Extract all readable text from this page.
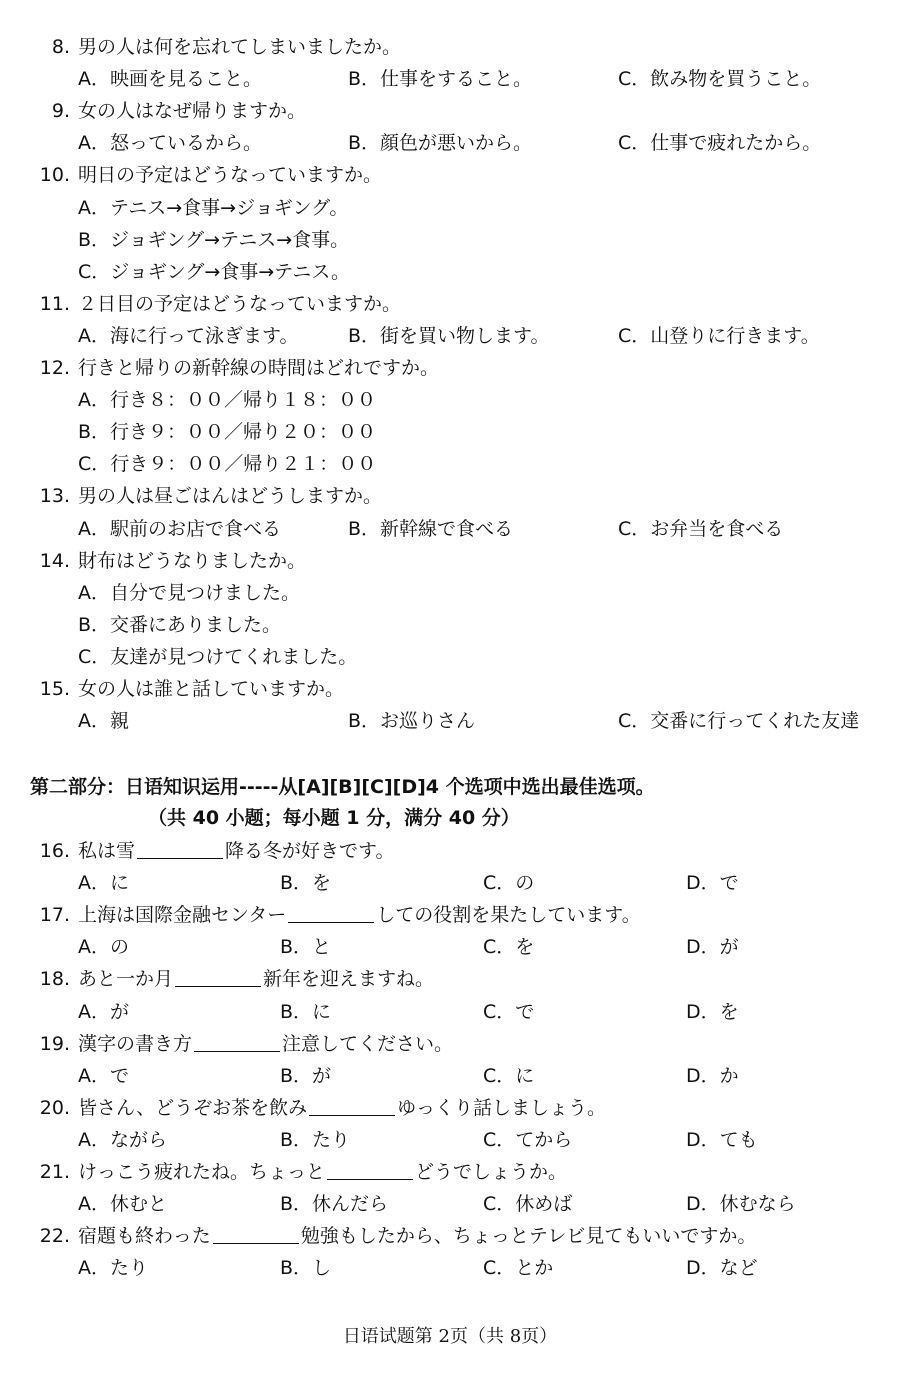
8. 男の人は何を忘れてしまいましたか。
A．映画を見ること。	B．仕事をすること。	C．飲み物を買うこと。
9. 女の人はなぜ帰りますか。
A．怒っているから。	B．顔色が悪いから。	C．仕事で疲れたから。
10. 明日の予定はどうなっていますか。
A．テニス→食事→ジョギング。
B．ジョギング→テニス→食事。
C．ジョギング→食事→テニス。
11. ２日目の予定はどうなっていますか。
A．海に行って泳ぎます。	B．街を買い物します。	C．山登りに行きます。
12. 行きと帰りの新幹線の時間はどれですか。
A．行き８：００／帰り１８：００
B．行き９：００／帰り２０：００
C．行き９：００／帰り２１：００
13. 男の人は昼ごはんはどうしますか。
A．駅前のお店で食べる	B．新幹線で食べる	C．お弁当を食べる
14. 財布はどうなりましたか。
A．自分で見つけました。
B．交番にありました。
C．友達が見つけてくれました。
15. 女の人は誰と話していますか。
A．親	B．お巡りさん	C．交番に行ってくれた友達
16. 私は雪	降る冬が好きです。
A．に	B．を	C．の	D．で
17. 上海は国際金融センター	しての役割を果たしています。
A．の	B．と	C．を	D．が
18. あと一か月	新年を迎えますね。
A．が	B．に	C．で	D．を
19. 漢字の書き方	注意してください。
A．で	B．が	C．に	D．か
20. 皆さん、どうぞお茶を飲み	ゆっくり話しましょう。
A．ながら	B．たり	C．てから	D．ても
21. けっこう疲れたね。ちょっと	どうでしょうか。
A．休むと	B．休んだら	C．休めば	D．休むなら
22. 宿題も終わった	勉強もしたから、ちょっとテレビ見てもいいですか。
A．たり	B．し	C．とか	D．など
第二部分：日语知识运用-----从[A][B][C][D]4 个选项中选出最佳选项。
（共 40 小题；每小题 1 分，满分 40 分）
日语试题第 2页（共 8页）
